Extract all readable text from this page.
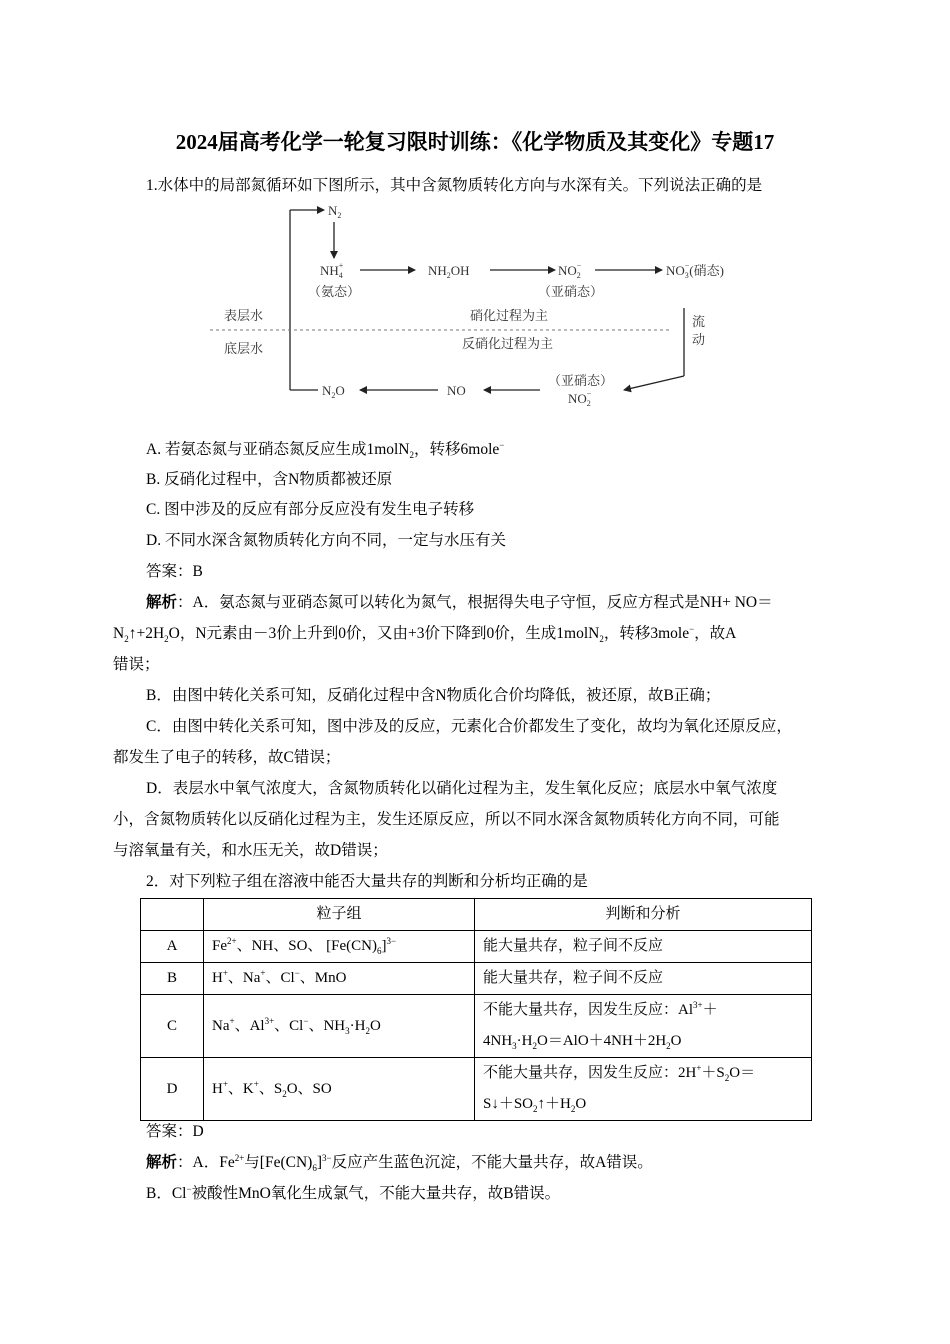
2024届高考化学一轮复习限时训练：《化学物质及其变化》专题17
1.水体中的局部氮循环如下图所示，其中含氮物质转化方向与水深有关。下列说法正确的是
$N_2$
$NH_4+$
（氨态）
$NH_2OH$	$NO_2-$
（亚硝态）
$NO_3-$(硝态)
表层水
底层水
硝化过程为主
反硝化过程为主
流
动
$N_2O$	NO
（亚硝态）
$NO_2-$
A. 若氨态氮与亚硝态氮反应生成1molN$_2$，转移6mole−
B. 反硝化过程中，含N物质都被还原
C. 图中涉及的反应有部分反应没有发生电子转移
D. 不同水深含氮物质转化方向不同，一定与水压有关
答案：B
解析：A．氨态氮与亚硝态氮可以转化为氮气，根据得失电子守恒，反应方程式是NH+ NO＝
$N_2↑+2H_2O$，N元素由－3价上升到0价，又由+3价下降到0价，生成1molN$_2$，转移3mole−，故A
错误；
B．由图中转化关系可知，反硝化过程中含N物质化合价均降低，被还原，故B正确；
C．由图中转化关系可知，图中涉及的反应，元素化合价都发生了变化，故均为氧化还原反应，
都发生了电子的转移，故C错误；
D．表层水中氧气浓度大，含氮物质转化以硝化过程为主，发生氧化反应；底层水中氧气浓度
小，含氮物质转化以反硝化过程为主，发生还原反应，所以不同水深含氮物质转化方向不同，可能
与溶氧量有关，和水压无关，故D错误；
2．对下列粒子组在溶液中能否大量共存的判断和分析均正确的是
	粒子组	判断和分析
A	$Fe^{2+}$、NH、SO、 $[Fe(CN)_6]^{3-}$	能大量共存，粒子间不反应
B	H+、Na+、Cl−、MnO	能大量共存，粒子间不反应
C	Na+、$Al^{3+}$、Cl−、$NH_3\cdot H_2O$	不能大量共存，因发生反应：$Al^{3+}+$
$4NH_3\cdot H_2O=AlO+4NH+2H_2O$

D	H+、K+、$S_2O$、SO	不能大量共存，因发生反应：$2H^++S_2O=$
$S↓+SO_2↑+H_2O$
答案：D
解析：A．$Fe^{2+}$与$[Fe(CN)_6]^{3-}$反应产生蓝色沉淀，不能大量共存，故A错误。
B．Cl−被酸性MnO氧化生成氯气，不能大量共存，故B错误。
